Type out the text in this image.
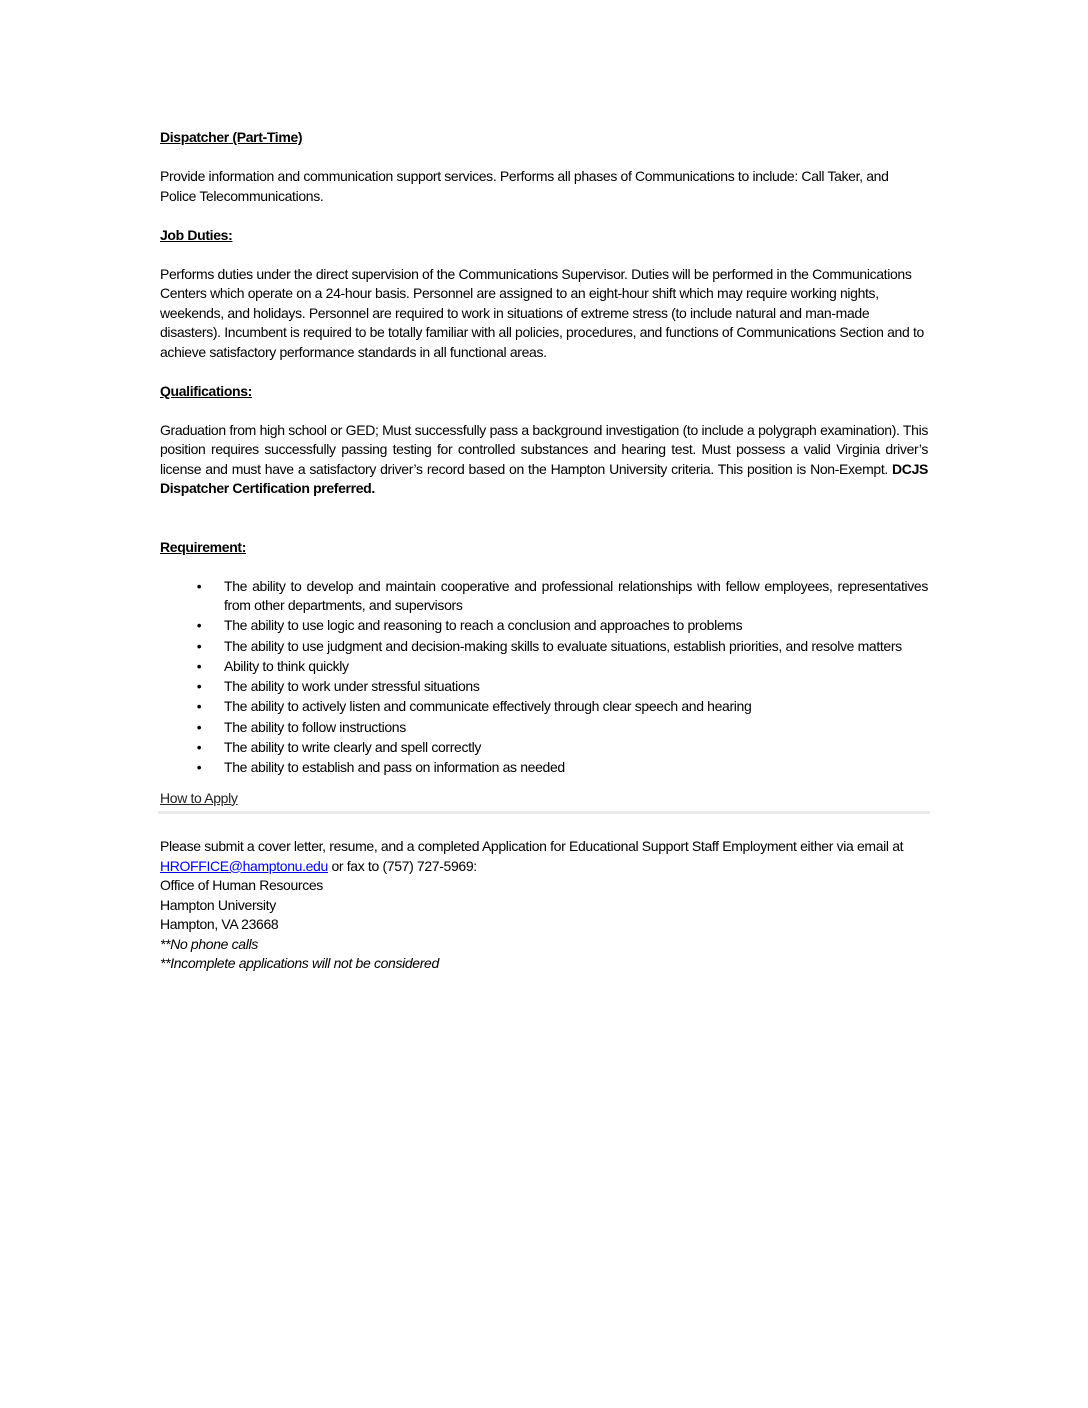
Dispatcher (Part-Time)

Provide information and communication support services. Performs all phases of Communications to include: Call Taker, and Police Telecommunications.

Job Duties:

Performs duties under the direct supervision of the Communications Supervisor. Duties will be performed in the Communications Centers which operate on a 24-hour basis. Personnel are assigned to an eight-hour shift which may require working nights, weekends, and holidays. Personnel are required to work in situations of extreme stress (to include natural and man-made disasters). Incumbent is required to be totally familiar with all policies, procedures, and functions of Communications Section and to achieve satisfactory performance standards in all functional areas.

Qualifications:

Graduation from high school or GED; Must successfully pass a background investigation (to include a polygraph examination). This position requires successfully passing testing for controlled substances and hearing test. Must possess a valid Virginia driver’s license and must have a satisfactory driver’s record based on the Hampton University criteria. This position is Non-Exempt. DCJS Dispatcher Certification preferred.

Requirement:

• The ability to develop and maintain cooperative and professional relationships with fellow employees, representatives from other departments, and supervisors
• The ability to use logic and reasoning to reach a conclusion and approaches to problems
• The ability to use judgment and decision-making skills to evaluate situations, establish priorities, and resolve matters
• Ability to think quickly
• The ability to work under stressful situations
• The ability to actively listen and communicate effectively through clear speech and hearing
• The ability to follow instructions
• The ability to write clearly and spell correctly
• The ability to establish and pass on information as needed

How to Apply

Please submit a cover letter, resume, and a completed Application for Educational Support Staff Employment either via email at HROFFICE@hamptonu.edu or fax to (757) 727-5969:

Office of Human Resources

Hampton University

Hampton, VA 23668

**No phone calls

**Incomplete applications will not be considered
